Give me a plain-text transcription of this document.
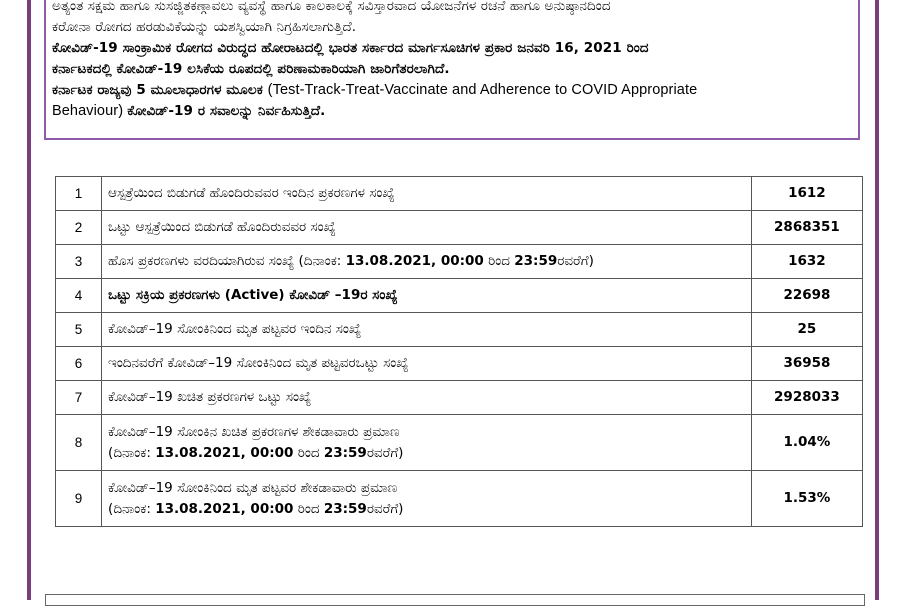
ಅತ್ಯಂತ ಸಕ್ಷಮ ಹಾಗೂ ಸುಸಜ್ಜಿತಕಣ್ಗಾವಲು ವ್ಯವಸ್ಥೆ ಹಾಗೂ ಕಾಲಕಾಲಕ್ಕೆ ಸವಿಸ್ತಾರವಾದ ಯೋಜನೆಗಳ ರಚನೆ ಹಾಗೂ ಅನುಷ್ಠಾನದಿಂದ

ಕರೋನಾ ರೋಗದ ಹರಡುವಿಕೆಯನ್ನು ಯಶಸ್ವಿಯಾಗಿ ನಿಗ್ರಹಿಸಲಾಗುತ್ತಿದೆ.

ಕೋವಿಡ್-19 ಸಾಂಕ್ರಾಮಿಕ ರೋಗದ ವಿರುದ್ಧದ ಹೋರಾಟದಲ್ಲಿ ಭಾರತ ಸರ್ಕಾರದ ಮಾರ್ಗಸೂಚಿಗಳ ಪ್ರಕಾರ ಜನವರಿ 16, 2021 ರಿಂದ

ಕರ್ನಾಟಕದಲ್ಲಿ ಕೋವಿಡ್-19 ಲಸಿಕೆಯ ರೂಪದಲ್ಲಿ ಪರಿಣಾಮಕಾರಿಯಾಗಿ ಜಾರಿಗೆತರಲಾಗಿದೆ.

ಕರ್ನಾಟಕ ರಾಜ್ಯವು 5 ಮೂಲಾಧಾರಗಳ ಮೂಲಕ (Test-Track-Treat-Vaccinate and Adherence to COVID Appropriate

Behaviour) ಕೋವಿಡ್-19 ರ ಸವಾಲನ್ನು ನಿರ್ವಹಿಸುತ್ತಿದೆ.

1	ಆಸ್ಪತ್ರೆಯಿಂದ ಬಿಡುಗಡೆ ಹೊಂದಿರುವವರ ಇಂದಿನ ಪ್ರಕರಣಗಳ ಸಂಖ್ಯೆ	1612
2	ಒಟ್ಟು ಆಸ್ಪತ್ರೆಯಿಂದ ಬಿಡುಗಡೆ ಹೊಂದಿರುವವರ ಸಂಖ್ಯೆ	2868351
3	ಹೊಸ ಪ್ರಕರಣಗಳು ವರದಿಯಾಗಿರುವ ಸಂಖ್ಯೆ (ದಿನಾಂಕ: 13.08.2021, 00:00 ರಿಂದ 23:59ರವರೆಗೆ)	1632
4	ಒಟ್ಟು ಸಕ್ರಿಯ ಪ್ರಕರಣಗಳು (Active) ಕೋವಿಡ್ –19ರ ಸಂಖ್ಯೆ	22698
5	ಕೋವಿಡ್–19 ಸೋಂಕಿನಿಂದ ಮೃತ ಪಟ್ಟವರ ಇಂದಿನ ಸಂಖ್ಯೆ	25
6	ಇಂದಿನವರೆಗೆ ಕೋವಿಡ್–19 ಸೋಂಕಿನಿಂದ ಮೃತ ಪಟ್ಟವರಒಟ್ಟು ಸಂಖ್ಯೆ	36958
7	ಕೋವಿಡ್–19 ಖಚಿತ ಪ್ರಕರಣಗಳ ಒಟ್ಟು ಸಂಖ್ಯೆ	2928033
8	ಕೋವಿಡ್–19 ಸೋಂಕಿನ ಖಚಿತ ಪ್ರಕರಣಗಳ ಶೇಕಡಾವಾರು ಪ್ರಮಾಣ
(ದಿನಾಂಕ: 13.08.2021, 00:00 ರಿಂದ 23:59ರವರೆಗೆ)	1.04%
9	ಕೋವಿಡ್–19 ಸೋಂಕಿನಿಂದ ಮೃತ ಪಟ್ಟವರ ಶೇಕಡಾವಾರು ಪ್ರಮಾಣ
(ದಿನಾಂಕ: 13.08.2021, 00:00 ರಿಂದ 23:59ರವರೆಗೆ)	1.53%
